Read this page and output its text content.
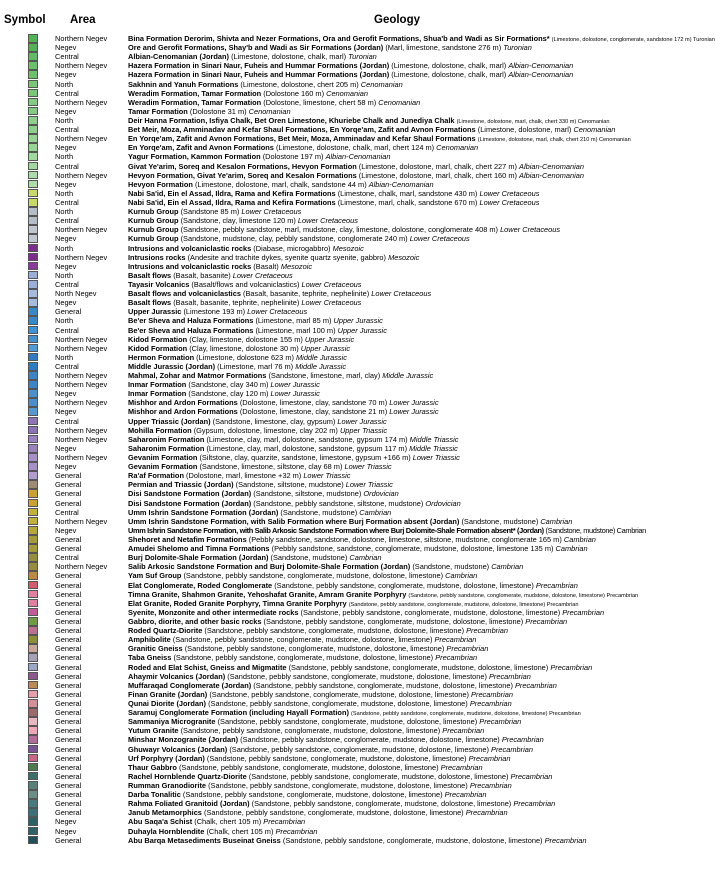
Symbol Area	Geology
Northern Negev	Bina Formation Derorim, Shivta and Nezer Formations, Ora and Gerofit Formations, Shua'b and Wadi as Sir Formations* (Limestone, dolostone, conglomerate, sandstone 172 m) Turonian
Negev	Ore and Gerofit Formations, Shay'b and Wadi as Sir Formations (Jordan) (Marl, limestone, sandstone 276 m) Turonian
Central	Albian-Cenomanian (Jordan) (Limestone, dolostone, chalk, marl) Turonian
Northern Negev	Hazera Formation in Sinari Naur, Fuheis and Hummar Formations (Jordan) (Limestone, dolostone, chalk, marl) Albian-Cenomanian
Negev	Hazera Formation in Sinari Naur, Fuheis and Hummar Formations (Jordan) (Limestone, dolostone, chalk, marl) Albian-Cenomanian
North	Sakhnin and Yanuh Formations (Limestone, dolostone, chert 205 m) Cenomanian
Central	Weradim Formation, Tamar Formation (Dolostone 160 m) Cenomanian
Northern Negev	Weradim Formation, Tamar Formation (Dolostone, limestone, chert 58 m) Cenomanian
Negev	Tamar Formation (Dolostone 31 m) Cenomanian
North	Deir Hanna Formation, Isfiya Chalk, Bet Oren Limestone, Khuriebe Chalk and Junediya Chalk (Limestone, dolostone, marl, chalk, chert 330 m) Cenomanian
Central	Bet Meir, Moza, Amminadav and Kefar Shaul Formations, En Yorqe'am, Zafit and Avnon Formations (Limestone, dolostone, marl) Cenomanian
Northern Negev	En Yorqe'am, Zafit and Avnon Formations, Bet Meir, Moza, Amminadav and Kefar Shaul Formations (Limestone, dolostone, marl, chalk, chert 210 m) Cenomanian
Negev	En Yorqe'am, Zafit and Avnon Formations (Limestone, dolostone, chalk, marl, chert 124 m) Cenomanian
North	Yagur Formation, Kammon Formation (Dolostone 197 m) Albian-Cenomanian
Central	Givat Ye'arim, Soreq and Kesalon Formations, Hevyon Formation (Limestone, dolostone, marl, chalk, chert 227 m) Albian-Cenomanian
Northern Negev	Hevyon Formation, Givat Ye'arim, Soreq and Kesalon Formations (Limestone, dolostone, marl, chalk, chert 160 m) Albian-Cenomanian
Negev	Hevyon Formation (Limestone, dolostone, marl, chalk, sandstone 44 m) Albian-Cenomanian
North	Nabi Sa'id, Ein el Assad, Ildra, Rama and Kefira Formations (Limestone, chalk, marl, sandstone 430 m) Lower Cretaceous
Central	Nabi Sa'id, Ein el Assad, Ildra, Rama and Kefira Formations (Limestone, marl, chalk, sandstone 670 m) Lower Cretaceous
North	Kurnub Group (Sandstone 85 m) Lower Cretaceous
Central	Kurnub Group (Sandstone, clay, limestone 120 m) Lower Cretaceous
Northern Negev	Kurnub Group (Sandstone, pebbly sandstone, marl, mudstone, clay, limestone, dolostone, conglomerate 408 m) Lower Cretaceous
Negev	Kurnub Group (Sandstone, mudstone, clay, pebbly sandstone, conglomerate 240 m) Lower Cretaceous
North	Intrusions and volcaniclastic rocks (Diabase, microgabbro) Mesozoic
Northern Negev	Intrusions rocks (Andesite and trachite dykes, syenite quartz syenite, gabbro) Mesozoic
Negev	Intrusions and volcaniclastic rocks (Basalt) Mesozoic
North	Basalt flows (Basalt, basanite) Lower Cretaceous
Central	Tayasir Volcanics (Basalt/flows and volcaniclastics) Lower Cretaceous
North Negev	Basalt flows and volcaniclastics (Basalt, basanite, tephrite, nephelinite) Lower Cretaceous
Negev	Basalt flows (Basalt, basanite, tephrite, nephelinite) Lower Cretaceous
General	Upper Jurassic (Limestone 193 m) Lower Cretaceous
North	Be'er Sheva and Haluza Formations (Limestone, marl 85 m) Upper Jurassic
Central	Be'er Sheva and Haluza Formations (Limestone, marl 100 m) Upper Jurassic
Northern Negev	Kidod Formation (Clay, limestone, dolostone 155 m) Upper Jurassic
Northern Negev	Kidod Formation (Clay, limestone, dolostone 30 m) Upper Jurassic
North	Hermon Formation (Limestone, dolostone 623 m) Middle Jurassic
Central	Middle Jurassic (Jordan) (Limestone, marl 76 m) Middle Jurassic
Northern Negev	Mahmal, Zohar and Matmor Formations (Sandstone, limestone, marl, clay) Middle Jurassic
Northern Negev	Inmar Formation (Sandstone, clay 340 m) Lower Jurassic
Negev	Inmar Formation (Sandstone, clay 120 m) Lower Jurassic
Northern Negev	Mishhor and Ardon Formations (Dolostone, limestone, clay, sandstone 70 m) Lower Jurassic
Negev	Mishhor and Ardon Formations (Dolostone, limestone, clay, sandstone 21 m) Lower Jurassic
Central	Upper Triassic (Jordan) (Sandstone, limestone, clay, gypsum) Lower Jurassic
Northern Negev	Mohilla Formation (Gypsum, dolostone, limestone, clay 202 m) Upper Triassic
Northern Negev	Saharonim Formation (Limestone, clay, marl, dolostone, sandstone, gypsum 174 m) Middle Triassic
Negev	Saharonim Formation (Limestone, clay, marl, dolostone, sandstone, gypsum 117 m) Middle Triassic
Northern Negev	Gevanim Formation (Siltstone, clay, quarzite, sandstone, limestone, gypsum +166 m) Lower Triassic
Negev	Gevanim Formation (Sandstone, limestone, siltstone, clay 68 m) Lower Triassic
General	Ra'af Formation (Dolostone, marl, limestone +32 m) Lower Triassic
General	Permian and Triassic (Jordan) (Sandstone, siltstone, mudstone) Lower Triassic
General	Disi Sandstone Formation (Jordan) (Sandstone, siltstone, mudstone) Ordovician
General	Disi Sandstone Formation (Jordan) (Sandstone, pebbly sandstone, siltstone, mudstone) Ordovician
Central	Umm Ishrin Sandstone Formation (Jordan) (Sandstone, mudstone) Cambrian
Northern Negev	Umm Ishrin Sandstone Formation, with Salib Formation where Burj Formation absent (Jordan) (Sandstone, mudstone) Cambrian
Negev	Umm Ishrin Sandstone Formation, with Salib Arkosic Sandstone Formation where Burj Dolomite-Shale Formation absent* (Jordan) (Sandstone, mudstone) Cambrian
General	Shehoret and Netafim Formations (Pebbly sandstone, sandstone, dolostone, limestone, siltstone, mudstone, conglomerate 165 m) Cambrian
General	Amudei Shelomo and Timna Formations (Pebbly sandstone, sandstone, conglomerate, mudstone, dolostone, limestone 135 m) Cambrian
Central	Burj Dolomite-Shale Formation (Jordan) (Sandstone, mudstone) Cambrian
Northern Negev	Salib Arkosic Sandstone Formation and Burj Dolomite-Shale Formation (Jordan) (Sandstone, mudstone) Cambrian
General	Yam Suf Group (Sandstone, pebbly sandstone, conglomerate, mudstone, dolostone, limestone) Cambrian
General	Elat Conglomerate, Roded Conglomerate (Sandstone, pebbly sandstone, conglomerate, mudstone, dolostone, limestone) Precambrian
General	Timna Granite, Shahmon Granite, Yehoshafat Granite, Amram Granite Porphyry (Sandstone, pebbly sandstone, conglomerate, mudstone, dolostone, limestone) Precambrian
General	Elat Granite, Roded Granite Porphyry, Timna Granite Porphyry (Sandstone, pebbly sandstone, conglomerate, mudstone, dolostone, limestone) Precambrian
General	Syenite, Monzonite and other intermediate rocks (Sandstone, pebbly sandstone, conglomerate, mudstone, dolostone, limestone) Precambrian
General	Gabbro, diorite, and other basic rocks (Sandstone, pebbly sandstone, conglomerate, mudstone, dolostone, limestone) Precambrian
General	Roded Quartz-Diorite (Sandstone, pebbly sandstone, conglomerate, mudstone, dolostone, limestone) Precambrian
General	Amphibolite (Sandstone, pebbly sandstone, conglomerate, mudstone, dolostone, limestone) Precambrian
General	Granitic Gneiss (Sandstone, pebbly sandstone, conglomerate, mudstone, dolostone, limestone) Precambrian
General	Taba Gneiss (Sandstone, pebbly sandstone, conglomerate, mudstone, dolostone, limestone) Precambrian
General	Roded and Elat Schist, Gneiss and Migmatite (Sandstone, pebbly sandstone, conglomerate, mudstone, dolostone, limestone) Precambrian
General	Ahaymir Volcanics (Jordan) (Sandstone, pebbly sandstone, conglomerate, mudstone, dolostone, limestone) Precambrian
General	Muffaraqad Conglomerate (Jordan) (Sandstone, pebbly sandstone, conglomerate, mudstone, dolostone, limestone) Precambrian
General	Finan Granite (Jordan) (Sandstone, pebbly sandstone, conglomerate, mudstone, dolostone, limestone) Precambrian
General	Qunai Diorite (Jordan) (Sandstone, pebbly sandstone, conglomerate, mudstone, dolostone, limestone) Precambrian
General	Saramuj Conglomerate Formation (including Hayall Formation) (Sandstone, pebbly sandstone, conglomerate, mudstone, dolostone, limestone) Precambrian
General	Sammaniya Microgranite (Sandstone, pebbly sandstone, conglomerate, mudstone, dolostone, limestone) Precambrian
General	Yutum Granite (Sandstone, pebbly sandstone, conglomerate, mudstone, dolostone, limestone) Precambrian
General	Minshar Monzogranite (Jordan) (Sandstone, pebbly sandstone, conglomerate, mudstone, dolostone, limestone) Precambrian
General	Ghuwayr Volcanics (Jordan) (Sandstone, pebbly sandstone, conglomerate, mudstone, dolostone, limestone) Precambrian
General	Urf Porphyry (Jordan) (Sandstone, pebbly sandstone, conglomerate, mudstone, dolostone, limestone) Precambrian
General	Thaur Gabbro (Sandstone, pebbly sandstone, conglomerate, mudstone, dolostone, limestone) Precambrian
General	Rachel Hornblende Quartz-Diorite (Sandstone, pebbly sandstone, conglomerate, mudstone, dolostone, limestone) Precambrian
General	Rumman Granodiorite (Sandstone, pebbly sandstone, conglomerate, mudstone, dolostone, limestone) Precambrian
General	Darba Tonalitic (Sandstone, pebbly sandstone, conglomerate, mudstone, dolostone, limestone) Precambrian
General	Rahma Foliated Granitoid (Jordan) (Sandstone, pebbly sandstone, conglomerate, mudstone, dolostone, limestone) Precambrian
General	Janub Metamorphics (Sandstone, pebbly sandstone, conglomerate, mudstone, dolostone, limestone) Precambrian
Negev	Abu Saqa'a Schist (Chalk, chert 105 m) Precambrian
Negev	Duhayla Hornblendite (Chalk, chert 105 m) Precambrian
General	Abu Barqa Metasediments Buseinat Gneiss (Sandstone, pebbly sandstone, conglomerate, mudstone, dolostone, limestone) Precambrian
